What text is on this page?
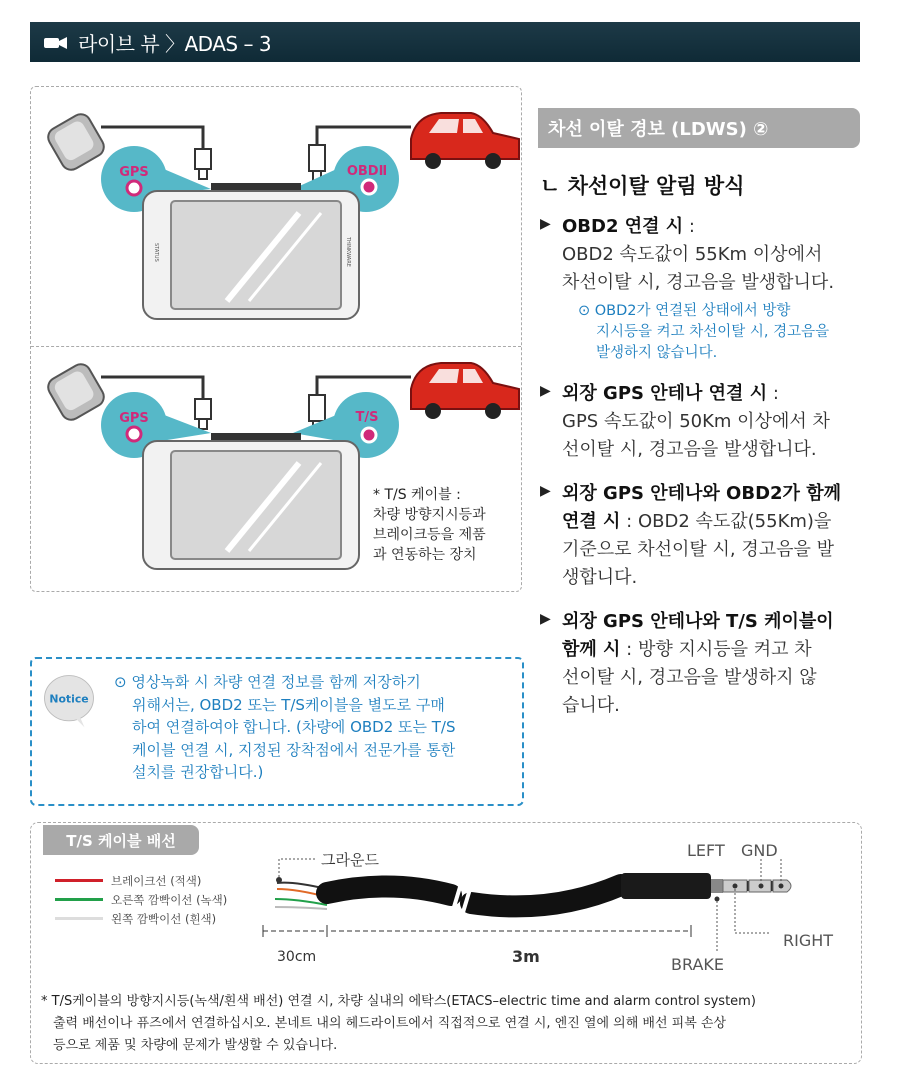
라이브 뷰 〉ADAS – 3
GPS	OBDⅡ
GPS	T/S
STATUS	THINKWARE
* T/S 케이블 :
차량 방향지시등과
브레이크등을 제품
과 연동하는 장치
Notice
⊙ 영상녹화 시 차량 연결 정보를 함께 저장하기
위해서는, OBD2 또는 T/S케이블을 별도로 구매
하여 연결하여야 합니다. (차량에 OBD2 또는 T/S
케이블 연결 시, 지정된 장착점에서 전문가를 통한
설치를 권장합니다.)
차선 이탈 경보 (LDWS) ②
ㄴ 차선이탈 알림 방식
▶ OBD2 연결 시 :
OBD2 속도값이 55Km 이상에서
차선이탈 시, 경고음을 발생합니다.
⊙ OBD2가 연결된 상태에서 방향
지시등을 켜고 차선이탈 시, 경고음을
발생하지 않습니다.
▶ 외장 GPS 안테나 연결 시 :
GPS 속도값이 50Km 이상에서 차
선이탈 시, 경고음을 발생합니다.
▶ 외장 GPS 안테나와 OBD2가 함께
연결 시 : OBD2 속도값(55Km)을
기준으로 차선이탈 시, 경고음을 발
생합니다.
▶ 외장 GPS 안테나와 T/S 케이블이
함께 시 : 방향 지시등을 켜고 차
선이탈 시, 경고음을 발생하지 않
습니다.
T/S 케이블 배선
브레이크선 (적색)
오른쪽 깜빡이선 (녹색)
왼쪽 깜빡이선 (흰색)
그라운드	LEFT GND
RIGHT
BRAKE
30cm	3m
* T/S케이블의 방향지시등(녹색/흰색 배선) 연결 시, 차량 실내의 에탁스(ETACS–electric time and alarm control system)
출력 배선이나 퓨즈에서 연결하십시오. 본네트 내의 헤드라이트에서 직접적으로 연결 시, 엔진 열에 의해 배선 피복 손상
등으로 제품 및 차량에 문제가 발생할 수 있습니다.
